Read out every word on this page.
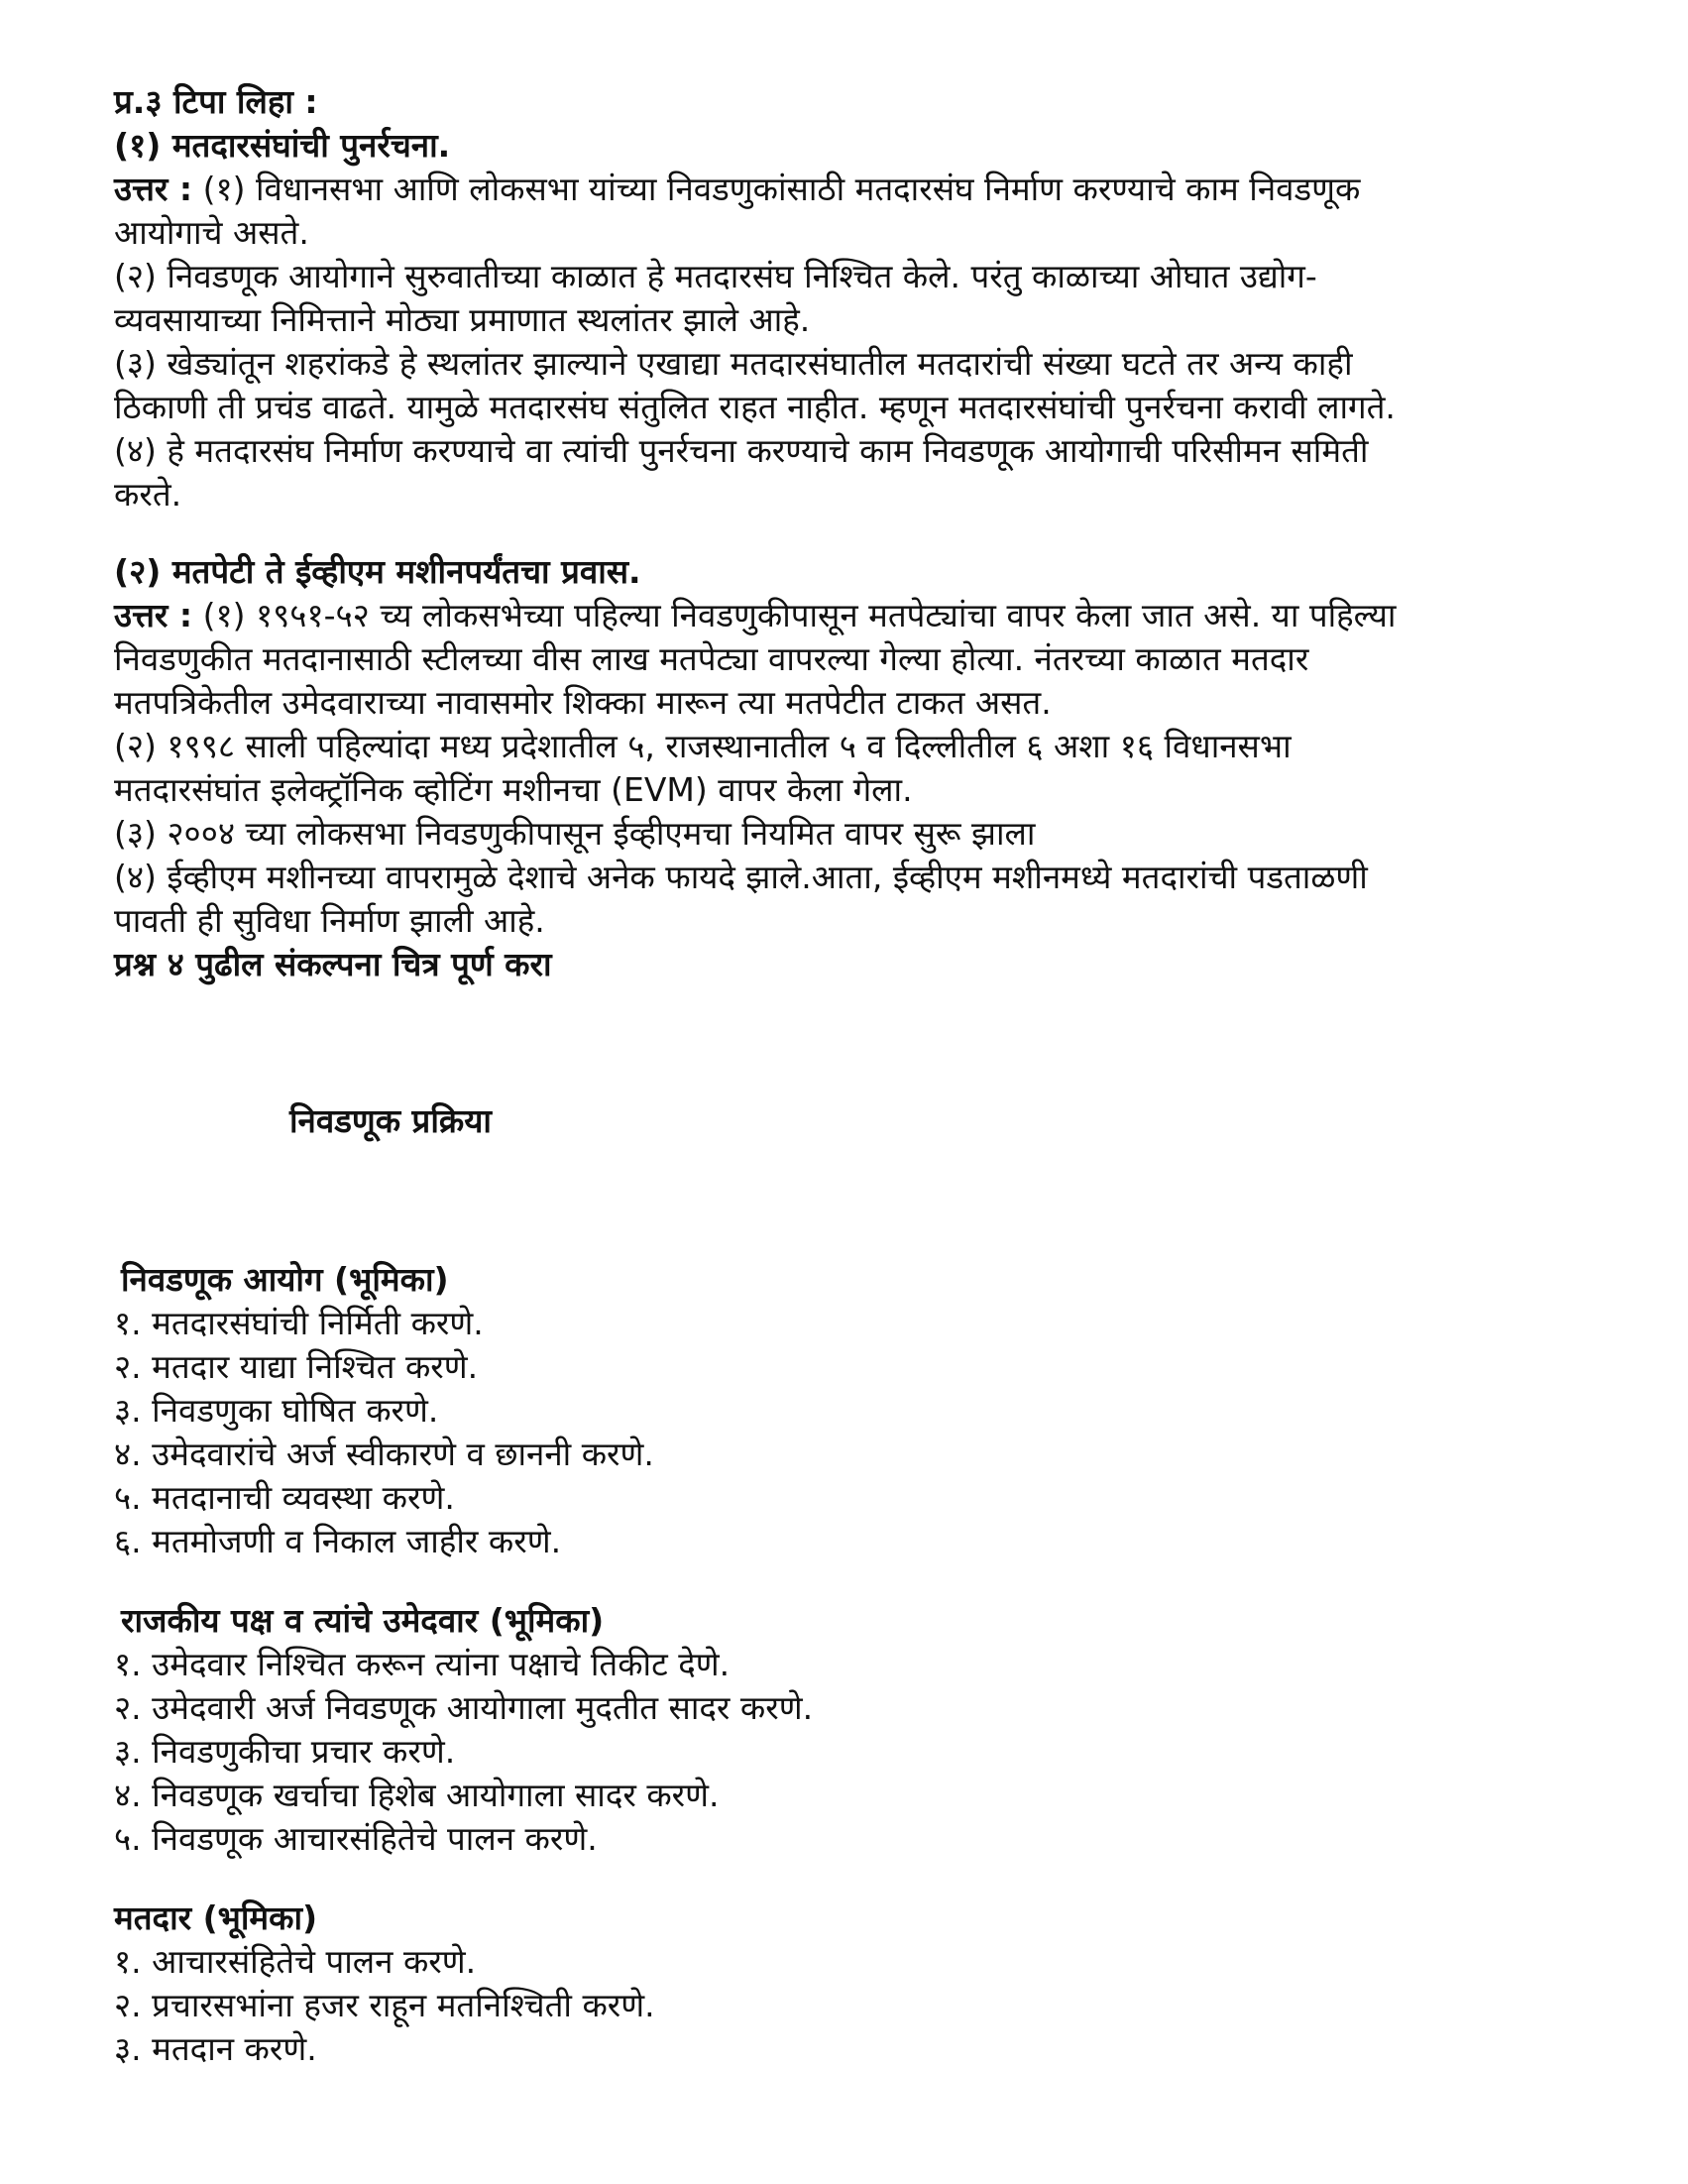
प्र.३ टिपा लिहा :

(१) मतदारसंघांची पुनर्रचना.

उत्तर : (१) विधानसभा आणि लोकसभा यांच्या निवडणुकांसाठी मतदारसंघ निर्माण करण्याचे काम निवडणूक

आयोगाचे असते.

(२) निवडणूक आयोगाने सुरुवातीच्या काळात हे मतदारसंघ निश्चित केले. परंतु काळाच्या ओघात उद्योग-

व्यवसायाच्या निमित्ताने मोठ्या प्रमाणात स्थलांतर झाले आहे.

(३) खेड्यांतून शहरांकडे हे स्थलांतर झाल्याने एखाद्या मतदारसंघातील मतदारांची संख्या घटते तर अन्य काही

ठिकाणी ती प्रचंड वाढते. यामुळे मतदारसंघ संतुलित राहत नाहीत. म्हणून मतदारसंघांची पुनर्रचना करावी लागते.

(४) हे मतदारसंघ निर्माण करण्याचे वा त्यांची पुनर्रचना करण्याचे काम निवडणूक आयोगाची परिसीमन समिती

करते.

(२) मतपेटी ते ईव्हीएम मशीनपर्यंतचा प्रवास.

उत्तर : (१) १९५१-५२ च्य लोकसभेच्या पहिल्या निवडणुकीपासून मतपेट्यांचा वापर केला जात असे. या पहिल्या

निवडणुकीत मतदानासाठी स्टीलच्या वीस लाख मतपेट्या वापरल्या गेल्या होत्या. नंतरच्या काळात मतदार

मतपत्रिकेतील उमेदवाराच्या नावासमोर शिक्का मारून त्या मतपेटीत टाकत असत.

(२) १९९८ साली पहिल्यांदा मध्य प्रदेशातील ५, राजस्थानातील ५ व दिल्लीतील ६ अशा १६ विधानसभा

मतदारसंघांत इलेक्ट्रॉनिक व्होटिंग मशीनचा (EVM) वापर केला गेला.

(३) २००४ च्या लोकसभा निवडणुकीपासून ईव्हीएमचा नियमित वापर सुरू झाला

(४) ईव्हीएम मशीनच्या वापरामुळे देशाचे अनेक फायदे झाले.आता, ईव्हीएम मशीनमध्ये मतदारांची पडताळणी

पावती ही सुविधा निर्माण झाली आहे.

प्रश्न ४ पुढील संकल्पना चित्र पूर्ण करा

निवडणूक प्रक्रिया

निवडणूक आयोग (भूमिका)

१. मतदारसंघांची निर्मिती करणे.

२. मतदार याद्या निश्चित करणे.

३. निवडणुका घोषित करणे.

४. उमेदवारांचे अर्ज स्वीकारणे व छाननी करणे.

५. मतदानाची व्यवस्था करणे.

६. मतमोजणी व निकाल जाहीर करणे.

राजकीय पक्ष व त्यांचे उमेदवार (भूमिका)

१. उमेदवार निश्चित करून त्यांना पक्षाचे तिकीट देणे.

२. उमेदवारी अर्ज निवडणूक आयोगाला मुदतीत सादर करणे.

३. निवडणुकीचा प्रचार करणे.

४. निवडणूक खर्चाचा हिशेब आयोगाला सादर करणे.

५. निवडणूक आचारसंहितेचे पालन करणे.

मतदार (भूमिका)

१. आचारसंहितेचे पालन करणे.

२. प्रचारसभांना हजर राहून मतनिश्चिती करणे.

३. मतदान करणे.
